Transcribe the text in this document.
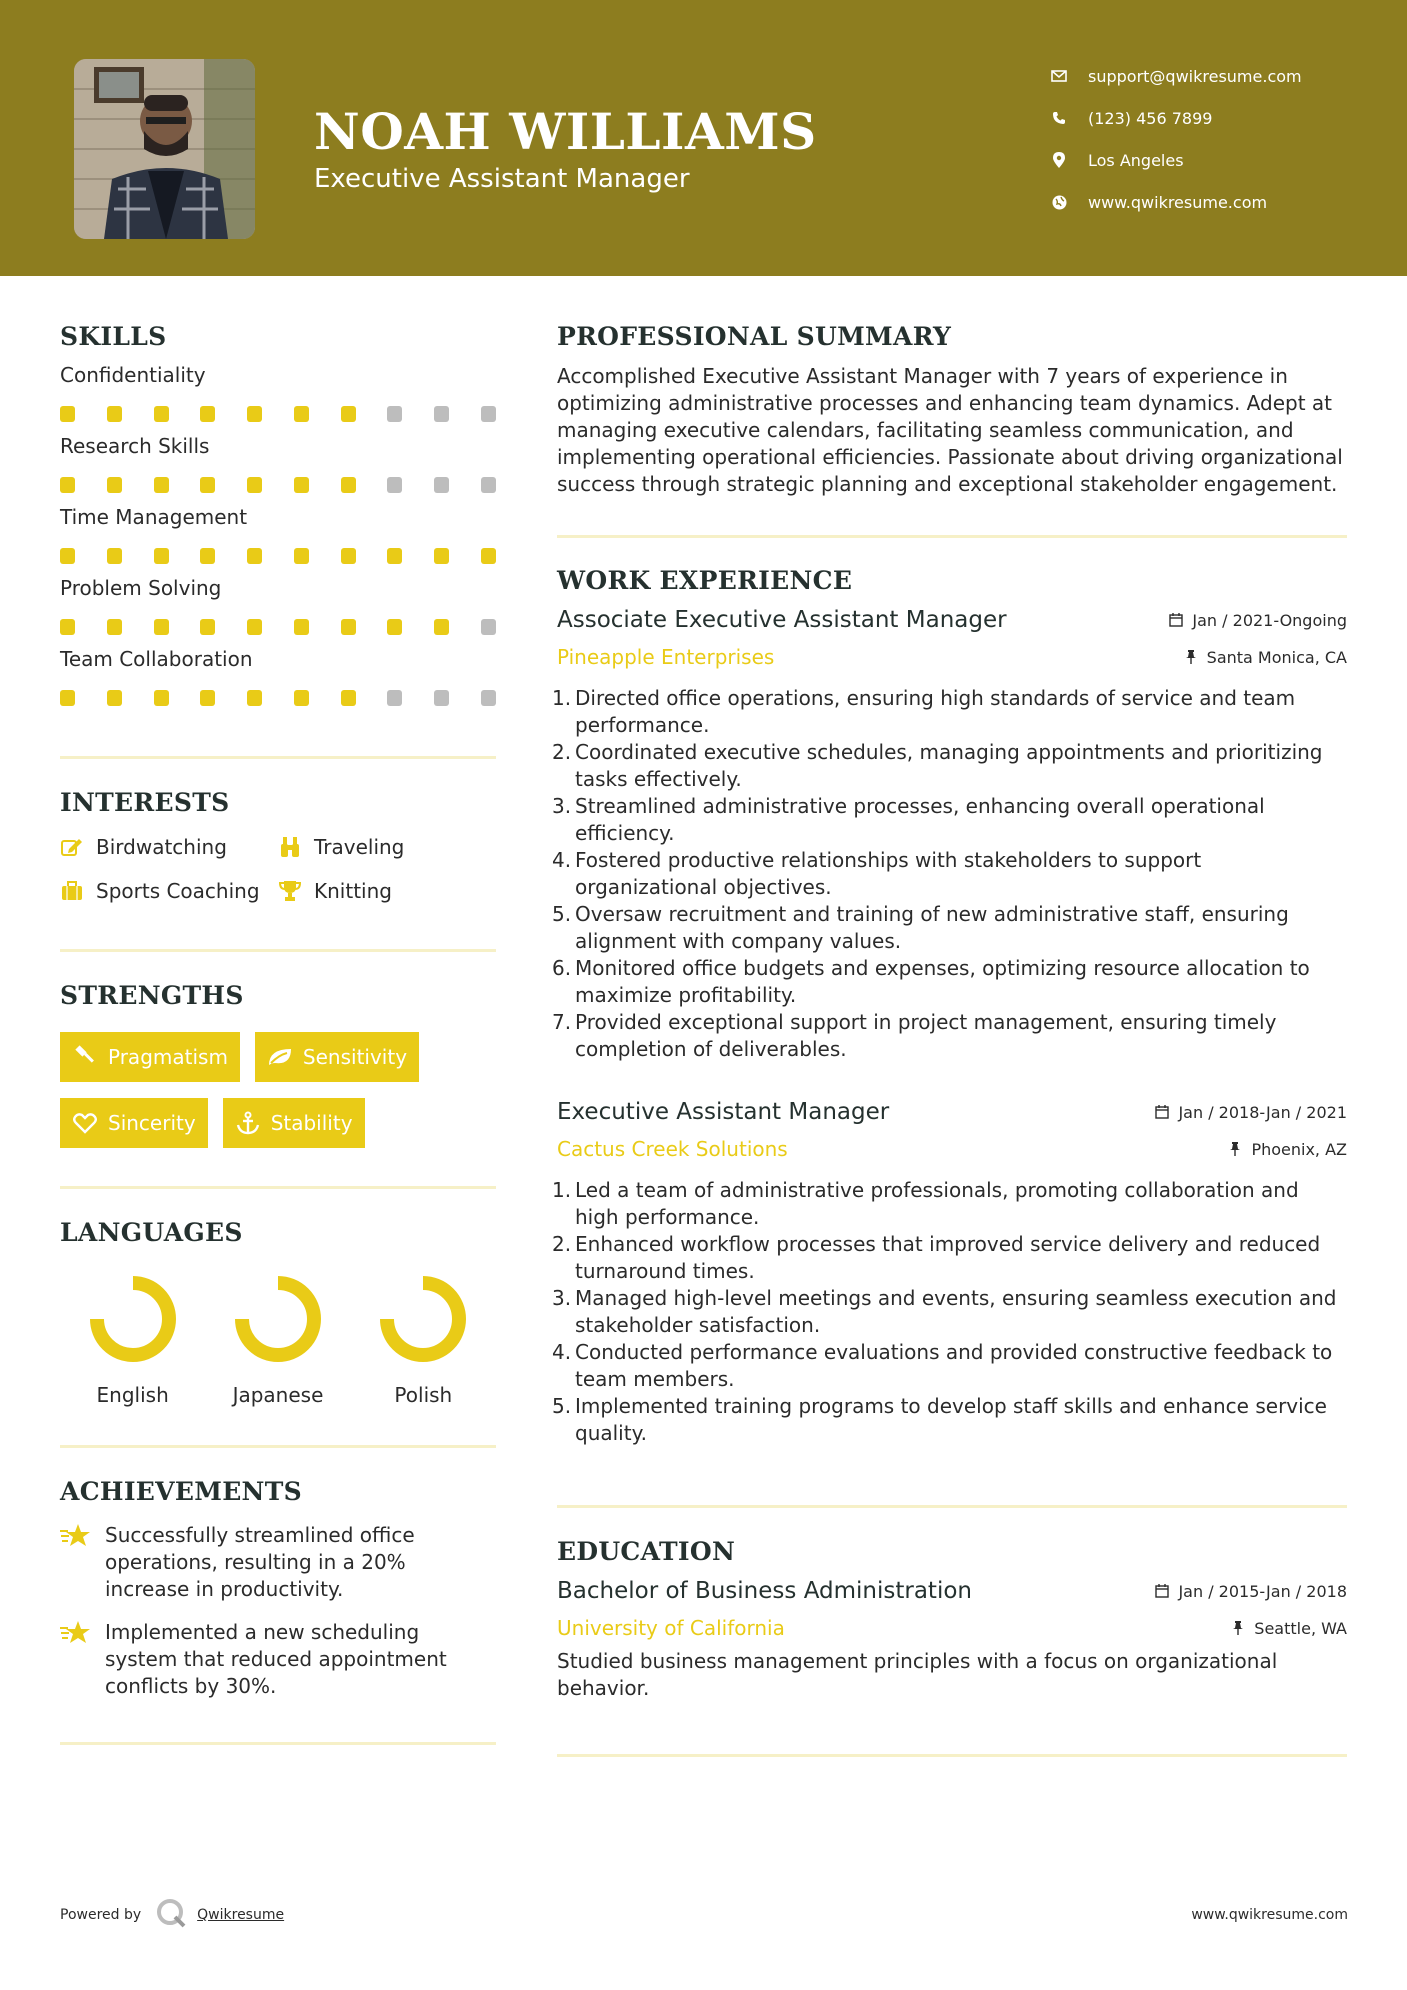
NOAH WILLIAMS
Executive Assistant Manager
support@qwikresume.com
(123) 456 7899
Los Angeles
www.qwikresume.com
SKILLS
Confidentiality
Research Skills
Time Management
Problem Solving
Team Collaboration
INTERESTS
Birdwatching	Traveling
Sports Coaching	Knitting
STRENGTHS
Pragmatism	Sensitivity
Sincerity	Stability
LANGUAGES
English	Japanese	Polish
ACHIEVEMENTS
Successfully streamlined office operations, resulting in a 20% increase in productivity.
Implemented a new scheduling system that reduced appointment conflicts by 30%.
PROFESSIONAL SUMMARY
Accomplished Executive Assistant Manager with 7 years of experience in optimizing administrative processes and enhancing team dynamics. Adept at managing executive calendars, facilitating seamless communication, and implementing operational efficiencies. Passionate about driving organizational success through strategic planning and exceptional stakeholder engagement.
WORK EXPERIENCE
Associate Executive Assistant Manager	Jan / 2021-Ongoing
Pineapple Enterprises	Santa Monica, CA
1. Directed office operations, ensuring high standards of service and team performance.
2. Coordinated executive schedules, managing appointments and prioritizing tasks effectively.
3. Streamlined administrative processes, enhancing overall operational efficiency.
4. Fostered productive relationships with stakeholders to support organizational objectives.
5. Oversaw recruitment and training of new administrative staff, ensuring alignment with company values.
6. Monitored office budgets and expenses, optimizing resource allocation to maximize profitability.
7. Provided exceptional support in project management, ensuring timely completion of deliverables.
Executive Assistant Manager	Jan / 2018-Jan / 2021
Cactus Creek Solutions	Phoenix, AZ
1. Led a team of administrative professionals, promoting collaboration and high performance.
2. Enhanced workflow processes that improved service delivery and reduced turnaround times.
3. Managed high-level meetings and events, ensuring seamless execution and stakeholder satisfaction.
4. Conducted performance evaluations and provided constructive feedback to team members.
5. Implemented training programs to develop staff skills and enhance service quality.
EDUCATION
Bachelor of Business Administration	Jan / 2015-Jan / 2018
University of California	Seattle, WA
Studied business management principles with a focus on organizational behavior.
Powered by	Qwikresume	www.qwikresume.com
